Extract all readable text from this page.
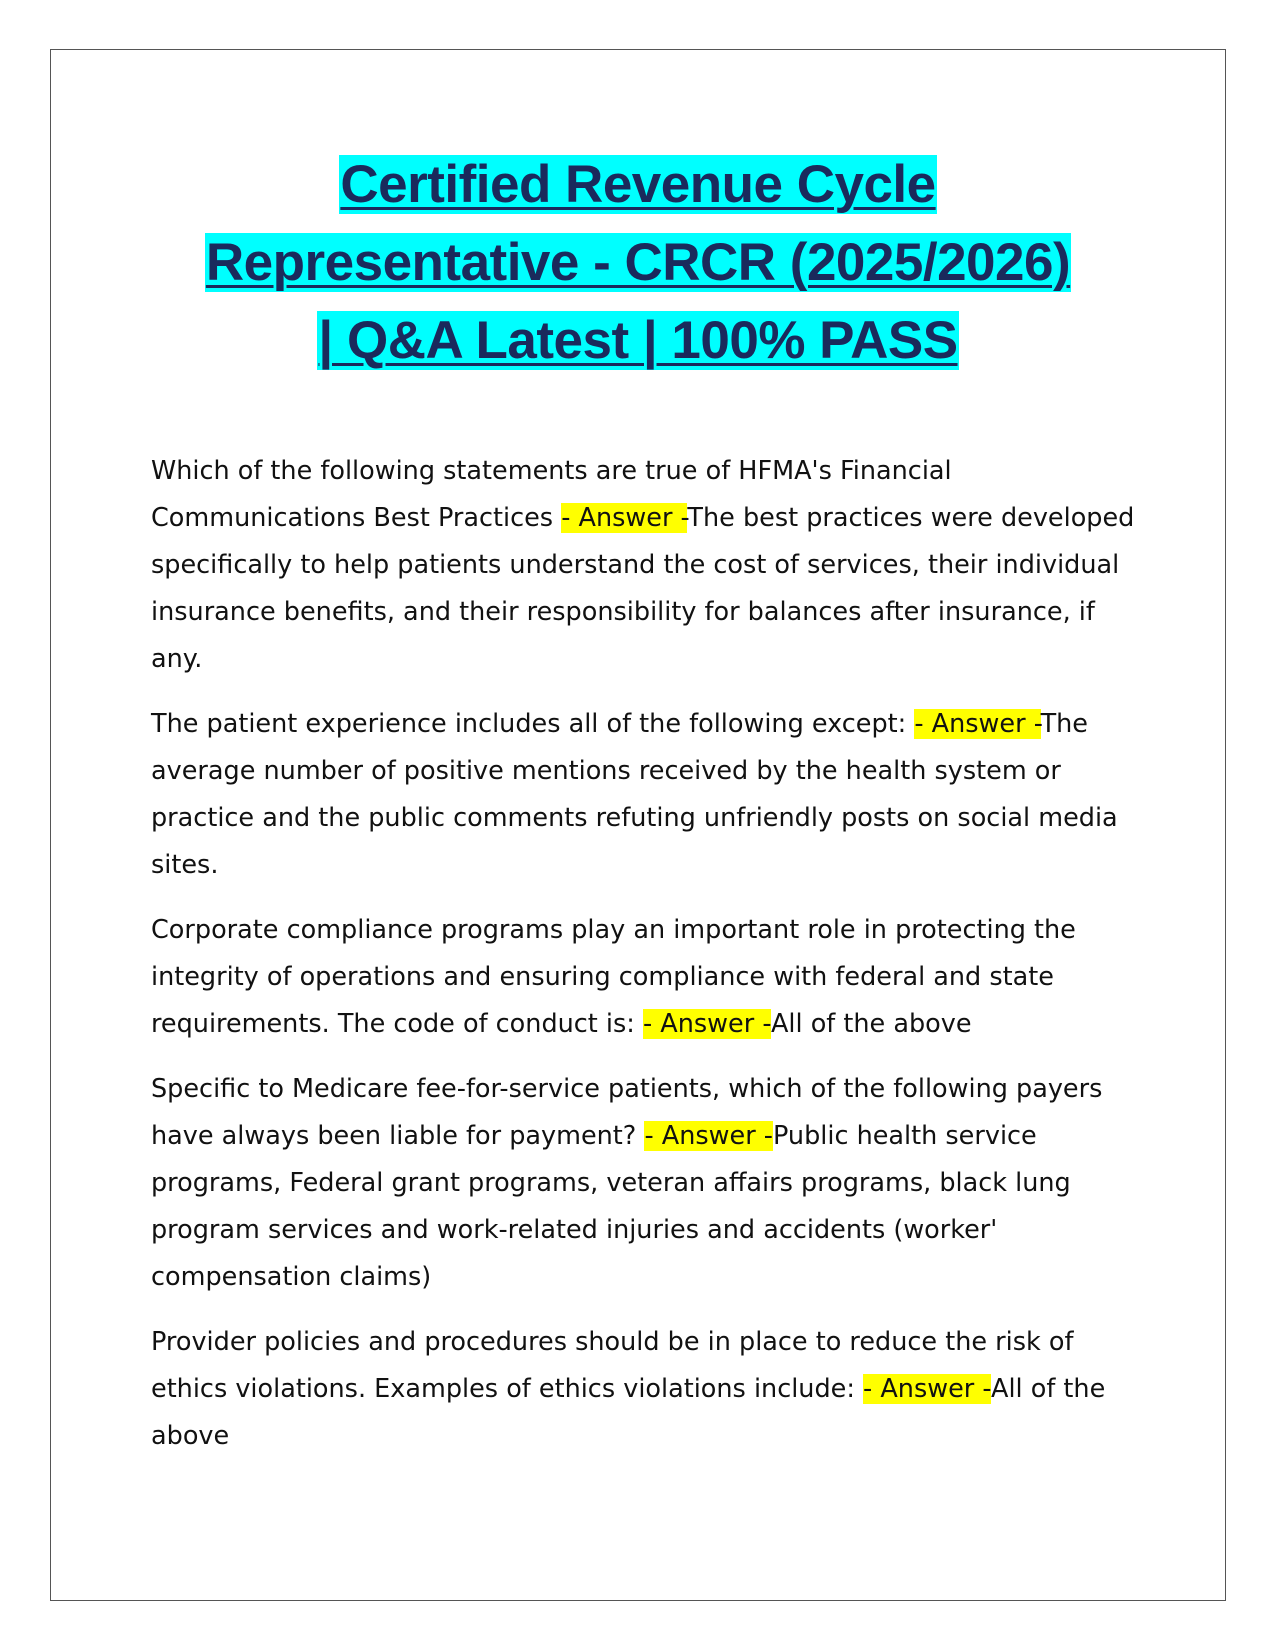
Certified Revenue Cycle
Representative - CRCR (2025/2026)
| Q&A Latest | 100% PASS

Which of the following statements are true of HFMA's Financial Communications Best Practices - Answer -The best practices were developed specifically to help patients understand the cost of services, their individual insurance benefits, and their responsibility for balances after insurance, if any.

The patient experience includes all of the following except: - Answer -The average number of positive mentions received by the health system or practice and the public comments refuting unfriendly posts on social media sites.

Corporate compliance programs play an important role in protecting the integrity of operations and ensuring compliance with federal and state requirements. The code of conduct is: - Answer -All of the above

Specific to Medicare fee-for-service patients, which of the following payers have always been liable for payment? - Answer -Public health service programs, Federal grant programs, veteran affairs programs, black lung program services and work-related injuries and accidents (worker' compensation claims)

Provider policies and procedures should be in place to reduce the risk of ethics violations. Examples of ethics violations include: - Answer -All of the above
